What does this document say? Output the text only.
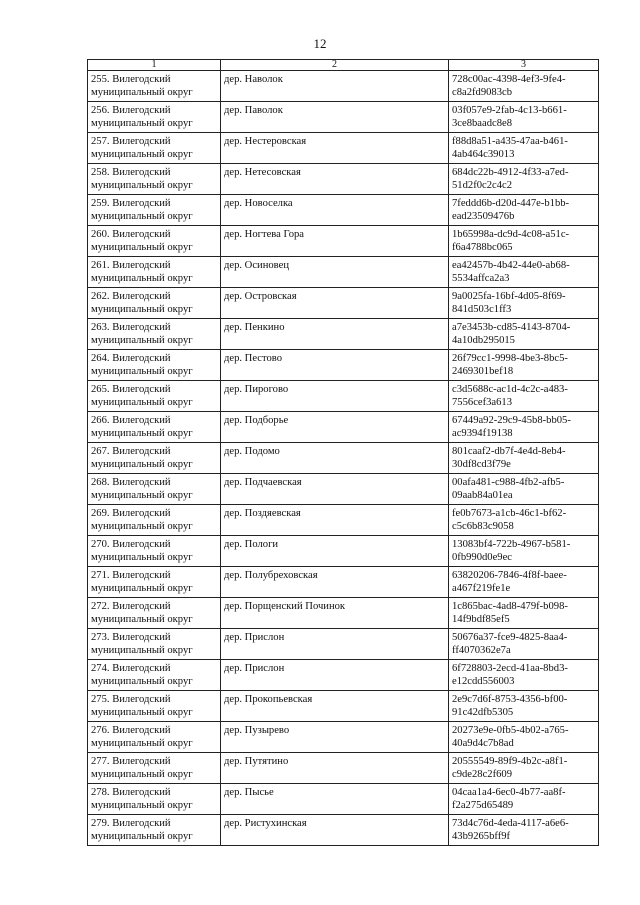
12
1	2	3

255. Вилегодский
муниципальный округ	дер. Наволок	728c00ac-4398-4ef3-9fe4-
c8a2fd9083cb

256. Вилегодский
муниципальный округ	дер. Паволок	03f057e9-2fab-4c13-b661-
3ce8baadc8e8

257. Вилегодский
муниципальный округ	дер. Нестеровская	f88d8a51-a435-47aa-b461-
4ab464c39013

258. Вилегодский
муниципальный округ	дер. Нетесовская	684dc22b-4912-4f33-a7ed-
51d2f0c2c4c2

259. Вилегодский
муниципальный округ	дер. Новоселка	7feddd6b-d20d-447e-b1bb-
ead23509476b

260. Вилегодский
муниципальный округ	дер. Ногтева Гора	1b65998a-dc9d-4c08-a51c-
f6a4788bc065

261. Вилегодский
муниципальный округ	дер. Осиновец	ea42457b-4b42-44e0-ab68-
5534affca2a3

262. Вилегодский
муниципальный округ	дер. Островская	9a0025fa-16bf-4d05-8f69-
841d503c1ff3

263. Вилегодский
муниципальный округ	дер. Пенкино	a7e3453b-cd85-4143-8704-
4a10db295015

264. Вилегодский
муниципальный округ	дер. Пестово	26f79cc1-9998-4be3-8bc5-
2469301bef18

265. Вилегодский
муниципальный округ	дер. Пирогово	c3d5688c-ac1d-4c2c-a483-
7556cef3a613

266. Вилегодский
муниципальный округ	дер. Подборье	67449a92-29c9-45b8-bb05-
ac9394f19138

267. Вилегодский
муниципальный округ	дер. Подомо	801caaf2-db7f-4e4d-8eb4-
30df8cd3f79e

268. Вилегодский
муниципальный округ	дер. Подчаевская	00afa481-c988-4fb2-afb5-
09aab84a01ea

269. Вилегодский
муниципальный округ	дер. Поздяевская	fe0b7673-a1cb-46c1-bf62-
c5c6b83c9058

270. Вилегодский
муниципальный округ	дер. Пологи	13083bf4-722b-4967-b581-
0fb990d0e9ec

271. Вилегодский
муниципальный округ	дер. Полубреховская	63820206-7846-4f8f-baee-
a467f219fe1e

272. Вилегодский
муниципальный округ	дер. Порщенский Починок	1c865bac-4ad8-479f-b098-
14f9bdf85ef5

273. Вилегодский
муниципальный округ	дер. Прислон	50676a37-fce9-4825-8aa4-
ff4070362e7a

274. Вилегодский
муниципальный округ	дер. Прислон	6f728803-2ecd-41aa-8bd3-
e12cdd556003

275. Вилегодский
муниципальный округ	дер. Прокопьевская	2e9c7d6f-8753-4356-bf00-
91c42dfb5305

276. Вилегодский
муниципальный округ	дер. Пузырево	20273e9e-0fb5-4b02-a765-
40a9d4c7b8ad

277. Вилегодский
муниципальный округ	дер. Путятино	20555549-89f9-4b2c-a8f1-
c9de28c2f609

278. Вилегодский
муниципальный округ	дер. Пысье	04caa1a4-6ec0-4b77-aa8f-
f2a275d65489

279. Вилегодский
муниципальный округ	дер. Ристухинская	73d4c76d-4eda-4117-a6e6-
43b9265bff9f
